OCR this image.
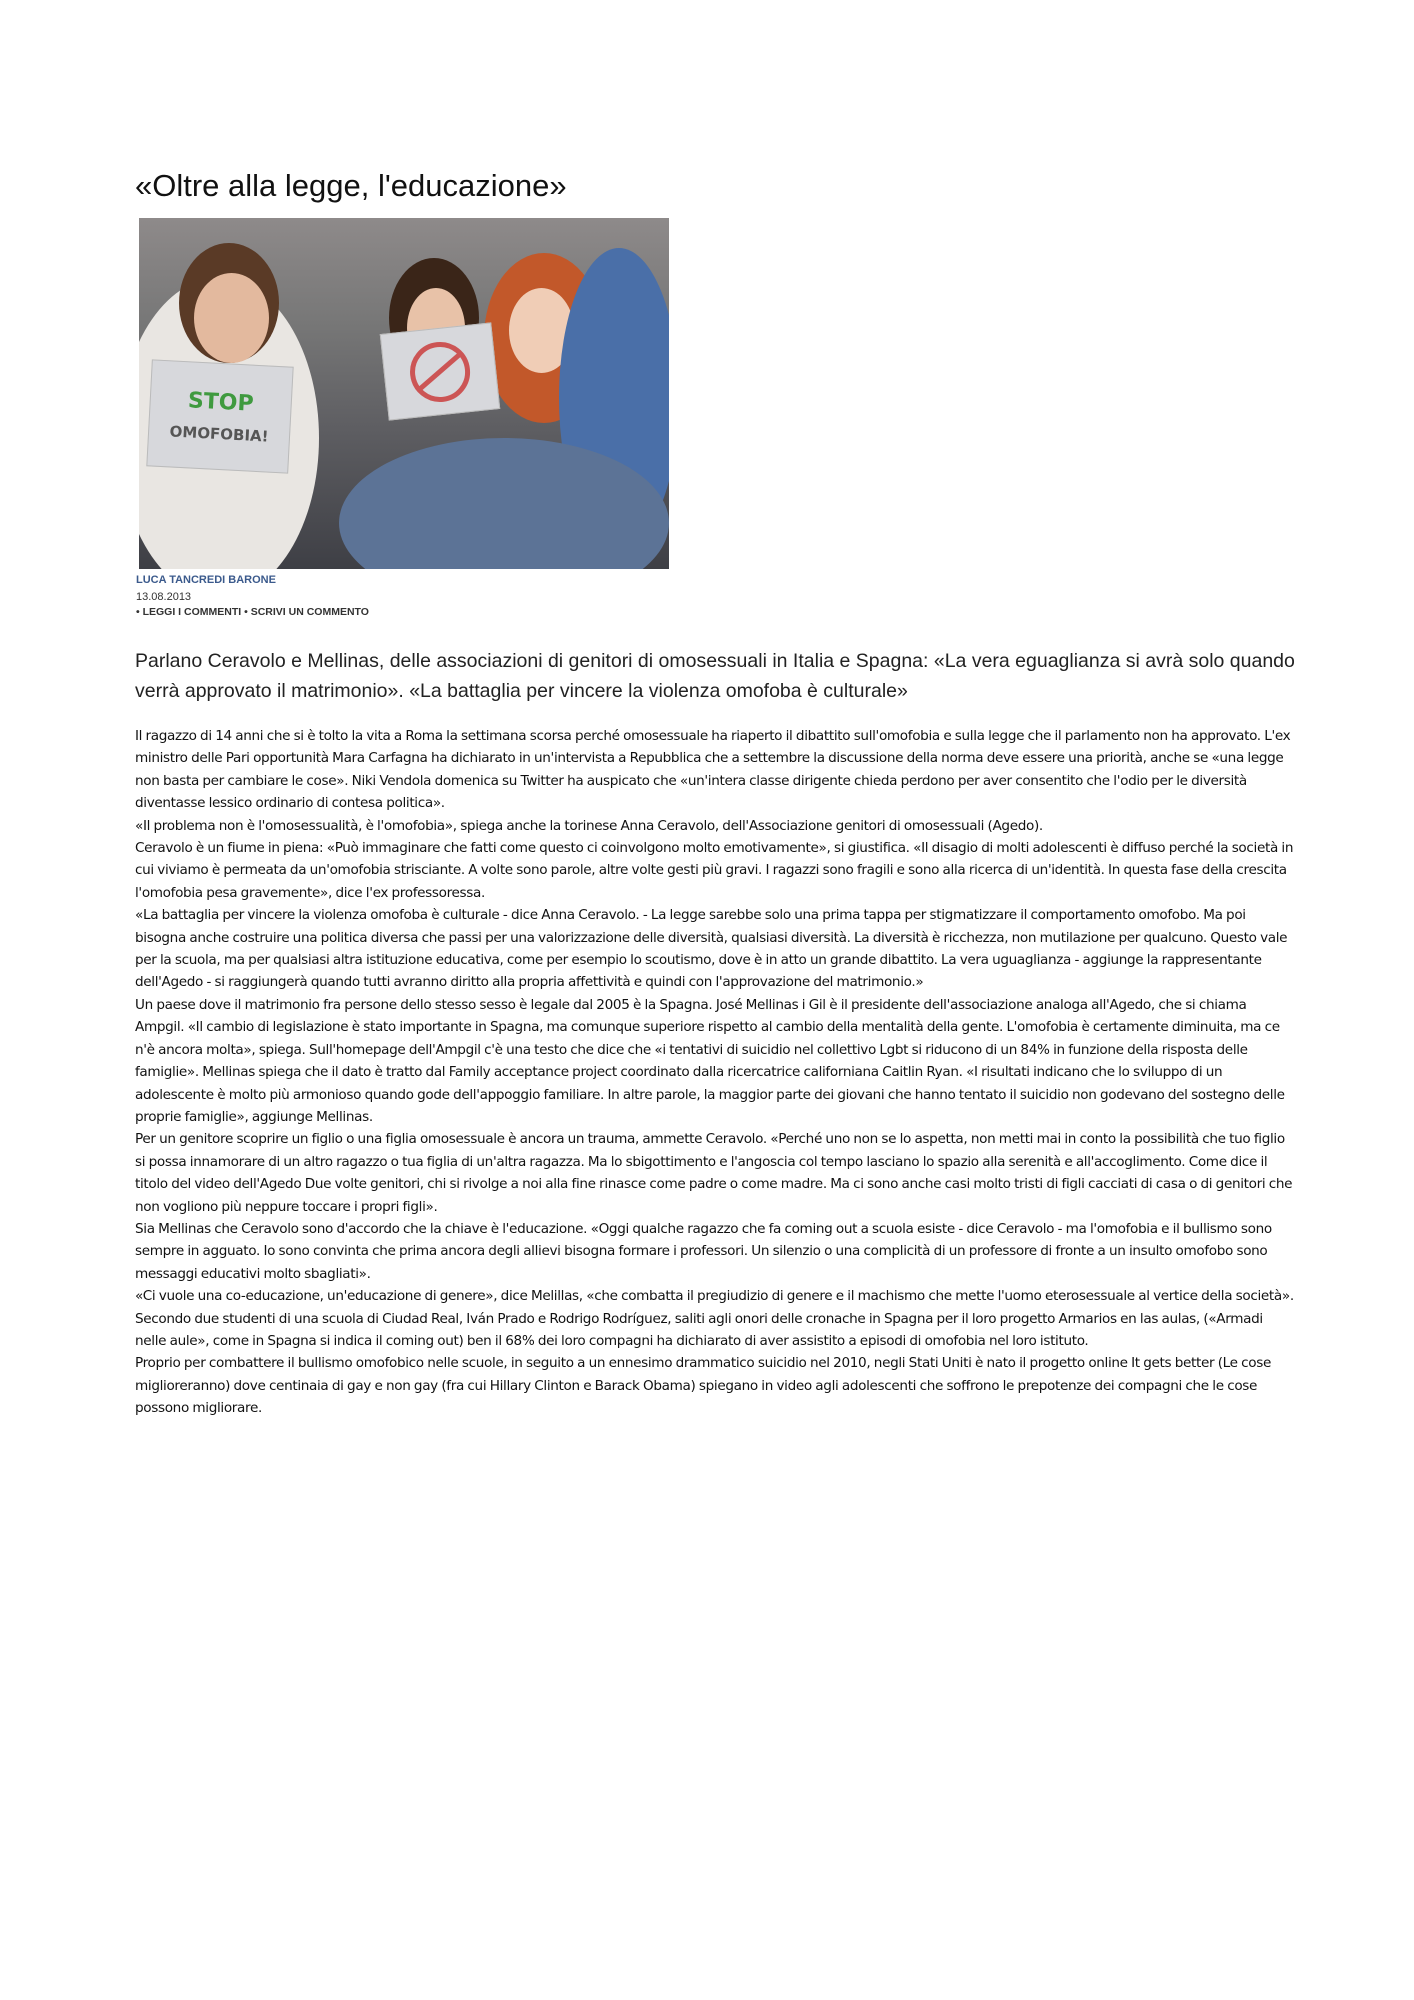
«Oltre alla legge, l'educazione»
STOP
OMOFOBIA!
LUCA TANCREDI BARONE
13.08.2013
• LEGGI I COMMENTI • SCRIVI UN COMMENTO

Parlano Ceravolo e Mellinas, delle associazioni di genitori di omosessuali in Italia e Spagna: «La vera eguaglianza si avrà solo quando verrà approvato il matrimonio». «La battaglia per vincere la violenza omofoba è culturale»

Il ragazzo di 14 anni che si è tolto la vita a Roma la settimana scorsa perché omosessuale ha riaperto il dibattito sull'omofobia e sulla legge che il parlamento non ha approvato. L'ex ministro delle Pari opportunità Mara Carfagna ha dichiarato in un'intervista a Repubblica che a settembre la discussione della norma deve essere una priorità, anche se «una legge non basta per cambiare le cose». Niki Vendola domenica su Twitter ha auspicato che «un'intera classe dirigente chieda perdono per aver consentito che l'odio per le diversità diventasse lessico ordinario di contesa politica».

«Il problema non è l'omosessualità, è l'omofobia», spiega anche la torinese Anna Ceravolo, dell'Associazione genitori di omosessuali (Agedo).

Ceravolo è un fiume in piena: «Può immaginare che fatti come questo ci coinvolgono molto emotivamente», si giustifica. «Il disagio di molti adolescenti è diffuso perché la società in cui viviamo è permeata da un'omofobia strisciante. A volte sono parole, altre volte gesti più gravi. I ragazzi sono fragili e sono alla ricerca di un'identità. In questa fase della crescita l'omofobia pesa gravemente», dice l'ex professoressa.

«La battaglia per vincere la violenza omofoba è culturale - dice Anna Ceravolo. - La legge sarebbe solo una prima tappa per stigmatizzare il comportamento omofobo. Ma poi bisogna anche costruire una politica diversa che passi per una valorizzazione delle diversità, qualsiasi diversità. La diversità è ricchezza, non mutilazione per qualcuno. Questo vale per la scuola, ma per qualsiasi altra istituzione educativa, come per esempio lo scoutismo, dove è in atto un grande dibattito. La vera uguaglianza - aggiunge la rappresentante dell'Agedo - si raggiungerà quando tutti avranno diritto alla propria affettività e quindi con l'approvazione del matrimonio.»

Un paese dove il matrimonio fra persone dello stesso sesso è legale dal 2005 è la Spagna. José Mellinas i Gil è il presidente dell'associazione analoga all'Agedo, che si chiama Ampgil. «Il cambio di legislazione è stato importante in Spagna, ma comunque superiore rispetto al cambio della mentalità della gente. L'omofobia è certamente diminuita, ma ce n'è ancora molta», spiega. Sull'homepage dell'Ampgil c'è una testo che dice che «i tentativi di suicidio nel collettivo Lgbt si riducono di un 84% in funzione della risposta delle famiglie». Mellinas spiega che il dato è tratto dal Family acceptance project coordinato dalla ricercatrice californiana Caitlin Ryan. «I risultati indicano che lo sviluppo di un adolescente è molto più armonioso quando gode dell'appoggio familiare. In altre parole, la maggior parte dei giovani che hanno tentato il suicidio non godevano del sostegno delle proprie famiglie», aggiunge Mellinas.

Per un genitore scoprire un figlio o una figlia omosessuale è ancora un trauma, ammette Ceravolo. «Perché uno non se lo aspetta, non metti mai in conto la possibilità che tuo figlio si possa innamorare di un altro ragazzo o tua figlia di un'altra ragazza. Ma lo sbigottimento e l'angoscia col tempo lasciano lo spazio alla serenità e all'accoglimento. Come dice il titolo del video dell'Agedo Due volte genitori, chi si rivolge a noi alla fine rinasce come padre o come madre. Ma ci sono anche casi molto tristi di figli cacciati di casa o di genitori che non vogliono più neppure toccare i propri figli».

Sia Mellinas che Ceravolo sono d'accordo che la chiave è l'educazione. «Oggi qualche ragazzo che fa coming out a scuola esiste - dice Ceravolo - ma l'omofobia e il bullismo sono sempre in agguato. Io sono convinta che prima ancora degli allievi bisogna formare i professori. Un silenzio o una complicità di un professore di fronte a un insulto omofobo sono messaggi educativi molto sbagliati».

«Ci vuole una co-educazione, un'educazione di genere», dice Melillas, «che combatta il pregiudizio di genere e il machismo che mette l'uomo eterosessuale al vertice della società».

Secondo due studenti di una scuola di Ciudad Real, Iván Prado e Rodrigo Rodríguez, saliti agli onori delle cronache in Spagna per il loro progetto Armarios en las aulas, («Armadi nelle aule», come in Spagna si indica il coming out) ben il 68% dei loro compagni ha dichiarato di aver assistito a episodi di omofobia nel loro istituto.

Proprio per combattere il bullismo omofobico nelle scuole, in seguito a un ennesimo drammatico suicidio nel 2010, negli Stati Uniti è nato il progetto online It gets better (Le cose miglioreranno) dove centinaia di gay e non gay (fra cui Hillary Clinton e Barack Obama) spiegano in video agli adolescenti che soffrono le prepotenze dei compagni che le cose possono migliorare.
